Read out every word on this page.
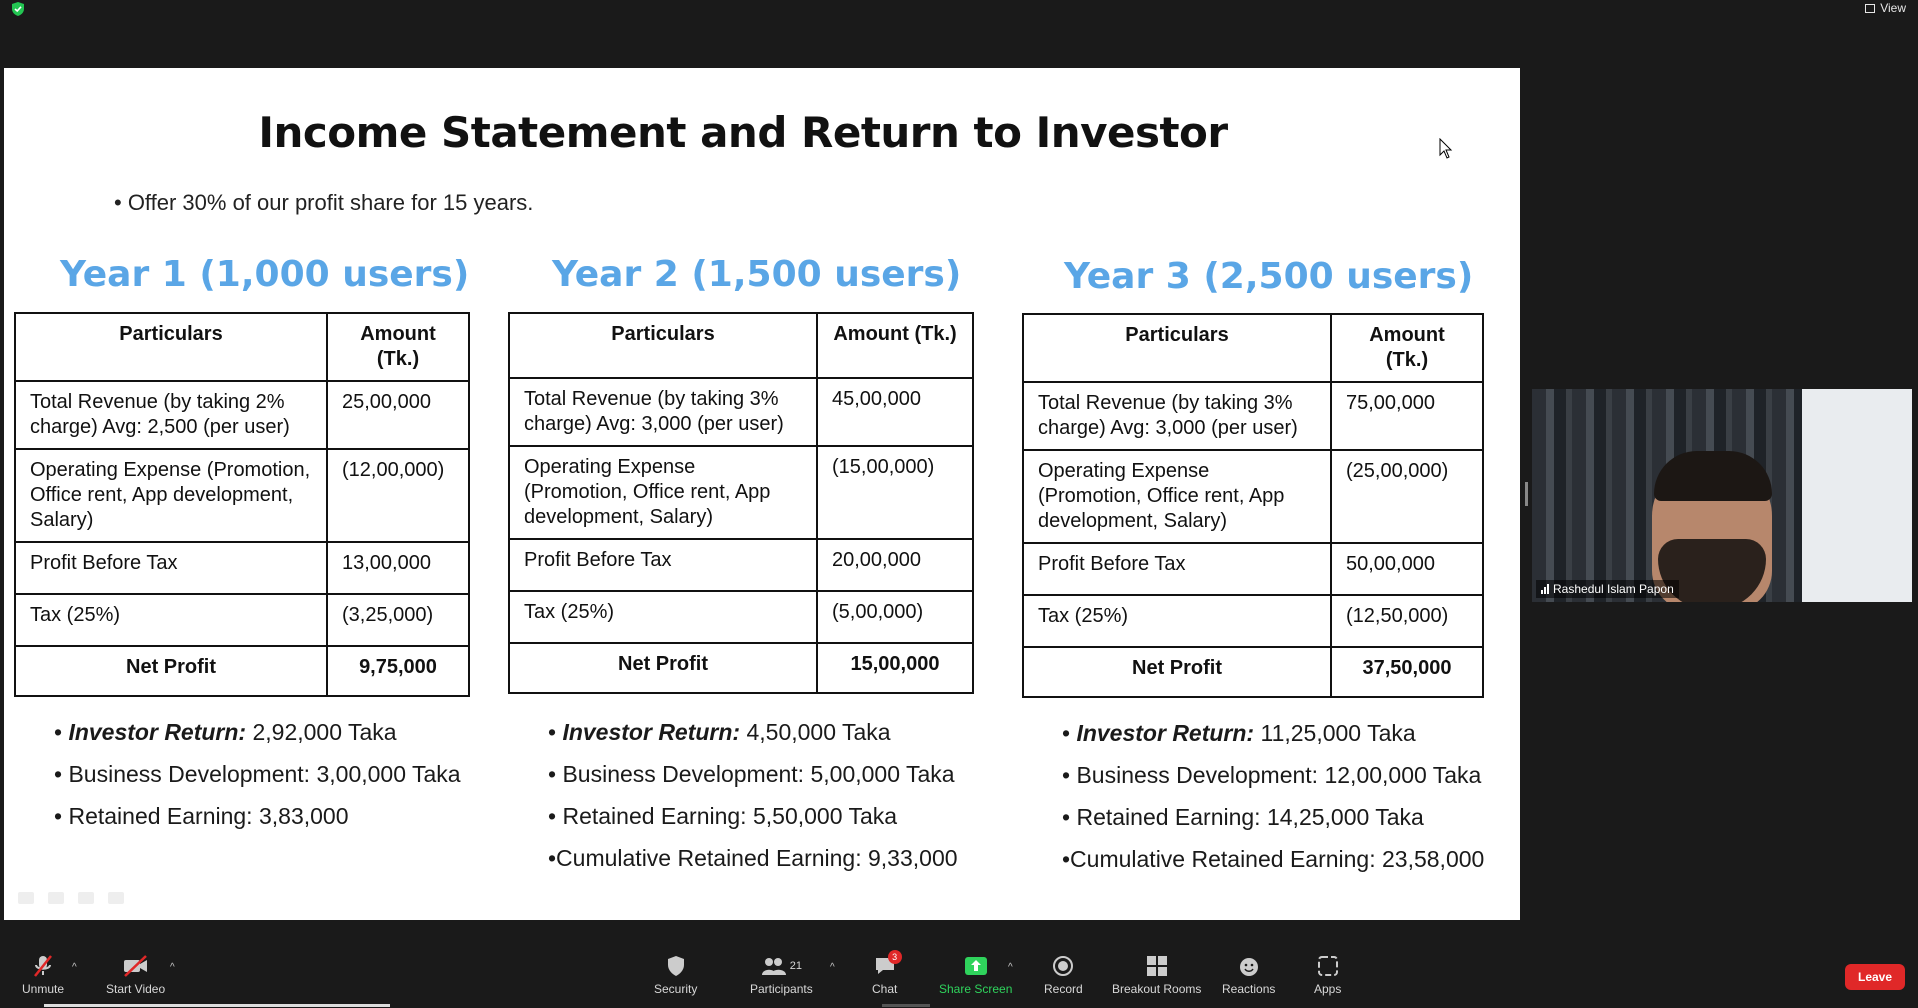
View
Income Statement and Return to Investor
• Offer 30% of our profit share for 15 years.
Year 1 (1,000 users)
Particulars	Amount (Tk.)
Total Revenue (by taking 2% charge) Avg: 2,500 (per user)	25,00,000
Operating Expense (Promotion, Office rent, App development, Salary)	(12,00,000)
Profit Before Tax	13,00,000
Tax (25%)	(3,25,000)
Net Profit	9,75,000
• Investor Return: 2,92,000 Taka
• Business Development: 3,00,000 Taka
• Retained Earning: 3,83,000
Year 2 (1,500 users)
Particulars	Amount (Tk.)
Total Revenue (by taking 3% charge) Avg: 3,000 (per user)	45,00,000
Operating Expense (Promotion, Office rent, App development, Salary)	(15,00,000)
Profit Before Tax	20,00,000
Tax (25%)	(5,00,000)
Net Profit	15,00,000
• Investor Return: 4,50,000 Taka
• Business Development: 5,00,000 Taka
• Retained Earning: 5,50,000 Taka
•Cumulative Retained Earning: 9,33,000
Year 3 (2,500 users)
Particulars	Amount (Tk.)
Total Revenue (by taking 3% charge) Avg: 3,000 (per user)	75,00,000
Operating Expense (Promotion, Office rent, App development, Salary)	(25,00,000)
Profit Before Tax	50,00,000
Tax (25%)	(12,50,000)
Net Profit	37,50,000
• Investor Return: 11,25,000 Taka
• Business Development: 12,00,000 Taka
• Retained Earning: 14,25,000 Taka
•Cumulative Retained Earning: 23,58,000
Rashedul Islam Papon
Unmute
^
Start Video
^
Security
21
Participants
^
3
Chat	Share Screen
^
Record Breakout Rooms Reactions	Apps
Leave
